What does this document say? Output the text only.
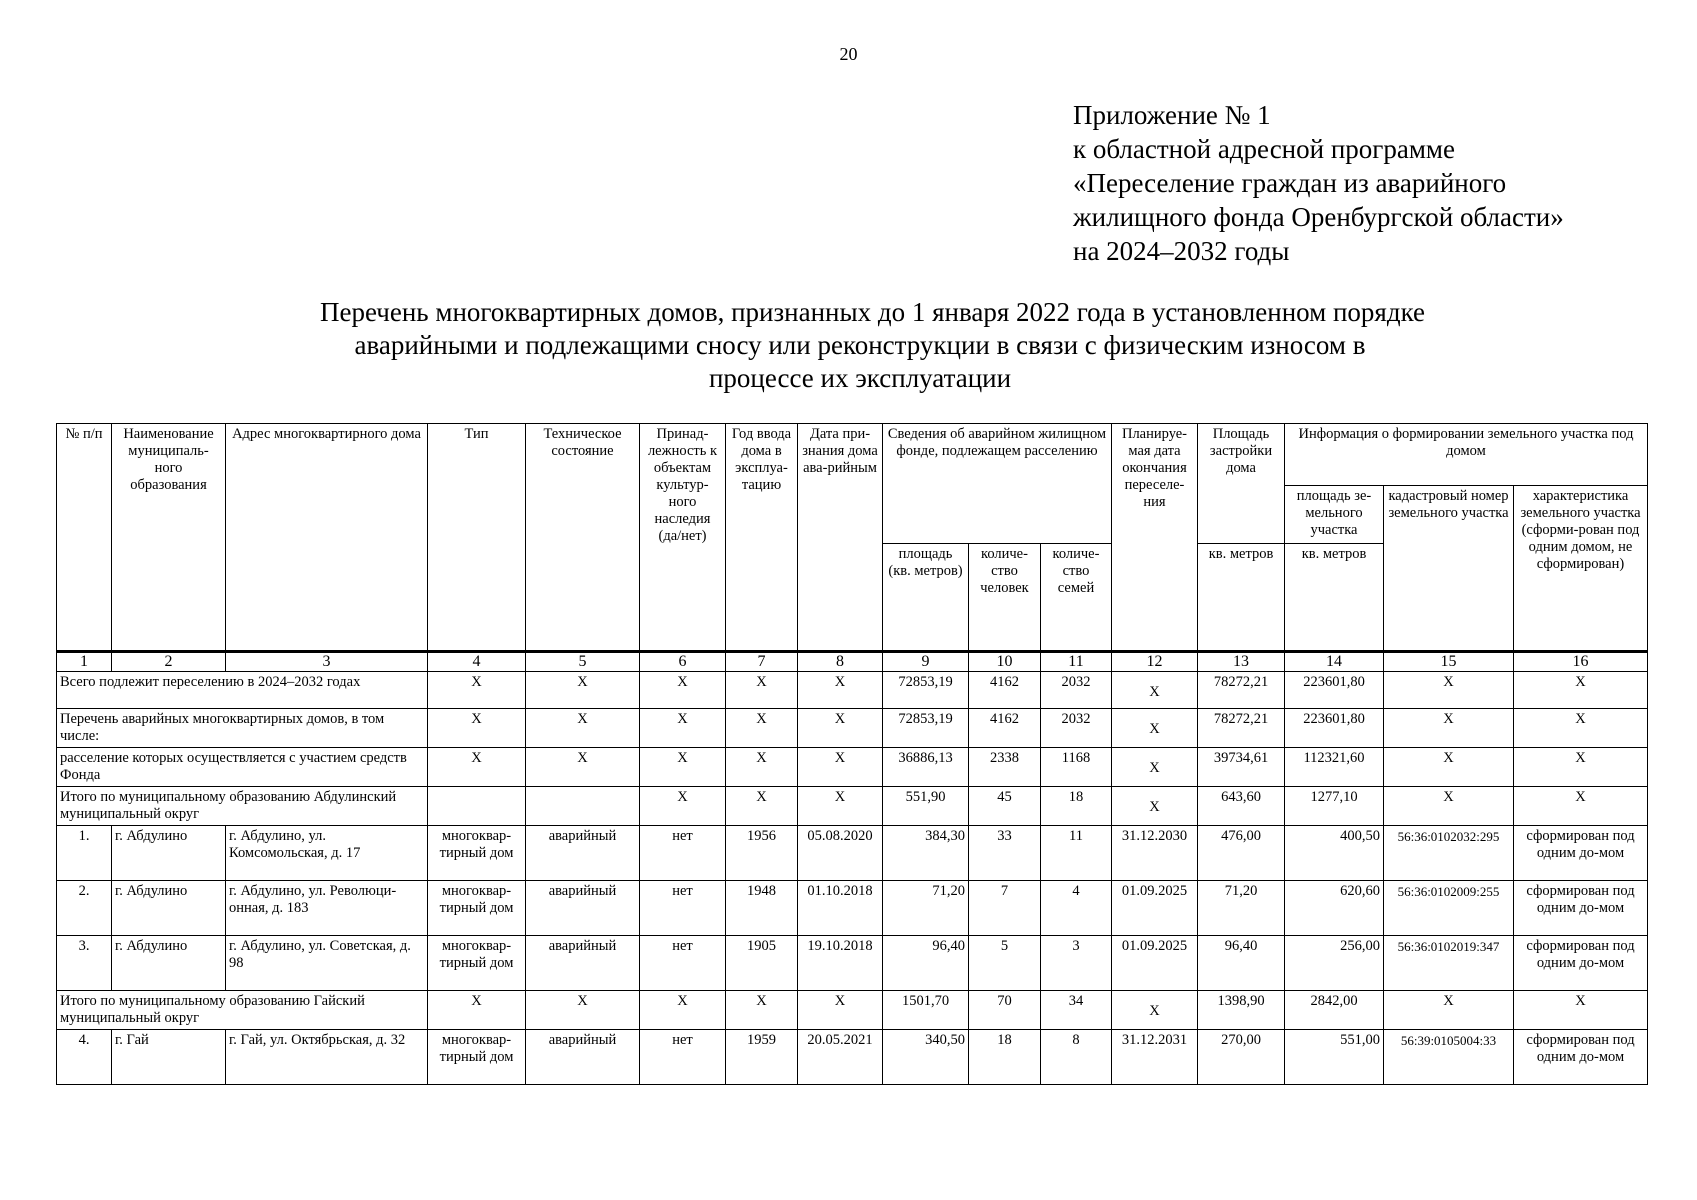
20
Приложение № 1
к областной адресной программе
«Переселение граждан из аварийного
жилищного фонда Оренбургской области»
на 2024–2032 годы
Перечень многоквартирных домов, признанных до 1 января 2022 года в установленном порядке
аварийными и подлежащими сносу или реконструкции в связи с физическим износом в
процессе их эксплуатации
№ п/п	Наименование муниципаль-ного образования	Адрес многоквартирного дома	Тип	Техническое состояние	Принад-лежность к объектам культур-ного наследия (да/нет)	Год ввода дома в эксплуа-тацию	Дата при-знания дома ава-рийным	Сведения об аварийном жилищном фонде, подлежащем расселению			Планируе-мая дата окончания переселе-ния	Площадь застройки дома	Информация о формировании земельного участка под домом		
													площадь зе-мельного участка	кадастровый номер земельного участка	характеристика земельного участка (сформи-рован под одним домом, не сформирован)
								площадь (кв. метров)	количе-ство человек	количе-ство семей		кв. метров	кв. метров		
1	2	3	4	5	6	7	8	9	10	11	12	13	14	15	16
Всего подлежит переселению в 2024–2032 годах			X	X	X	X	X	72853,19	4162	2032	X	78272,21	223601,80	X	X
Перечень аварийных многоквартирных домов, в том числе:			X	X	X	X	X	72853,19	4162	2032	X	78272,21	223601,80	X	X
расселение которых осуществляется с участием средств Фонда			X	X	X	X	X	36886,13	2338	1168	X	39734,61	112321,60	X	X
Итого по муниципальному образованию Абдулинский муниципальный округ					X	X	X	551,90	45	18	X	643,60	1277,10	X	X
1.	г. Абдулино	г. Абдулино, ул. Комсомольская, д. 17	многоквар-тирный дом	аварийный	нет	1956	05.08.2020	384,30	33	11	31.12.2030	476,00	400,50	56:36:0102032:295	сформирован под одним до-мом
2.	г. Абдулино	г. Абдулино, ул. Революци-онная, д. 183	многоквар-тирный дом	аварийный	нет	1948	01.10.2018	71,20	7	4	01.09.2025	71,20	620,60	56:36:0102009:255	сформирован под одним до-мом
3.	г. Абдулино	г. Абдулино, ул. Советская, д. 98	многоквар-тирный дом	аварийный	нет	1905	19.10.2018	96,40	5	3	01.09.2025	96,40	256,00	56:36:0102019:347	сформирован под одним до-мом
Итого по муниципальному образованию Гайский муниципальный округ			X	X	X	X	X	1501,70	70	34	X	1398,90	2842,00	X	X
4.	г. Гай	г. Гай, ул. Октябрьская, д. 32	многоквар-тирный дом	аварийный	нет	1959	20.05.2021	340,50	18	8	31.12.2031	270,00	551,00	56:39:0105004:33	сформирован под одним до-мом
